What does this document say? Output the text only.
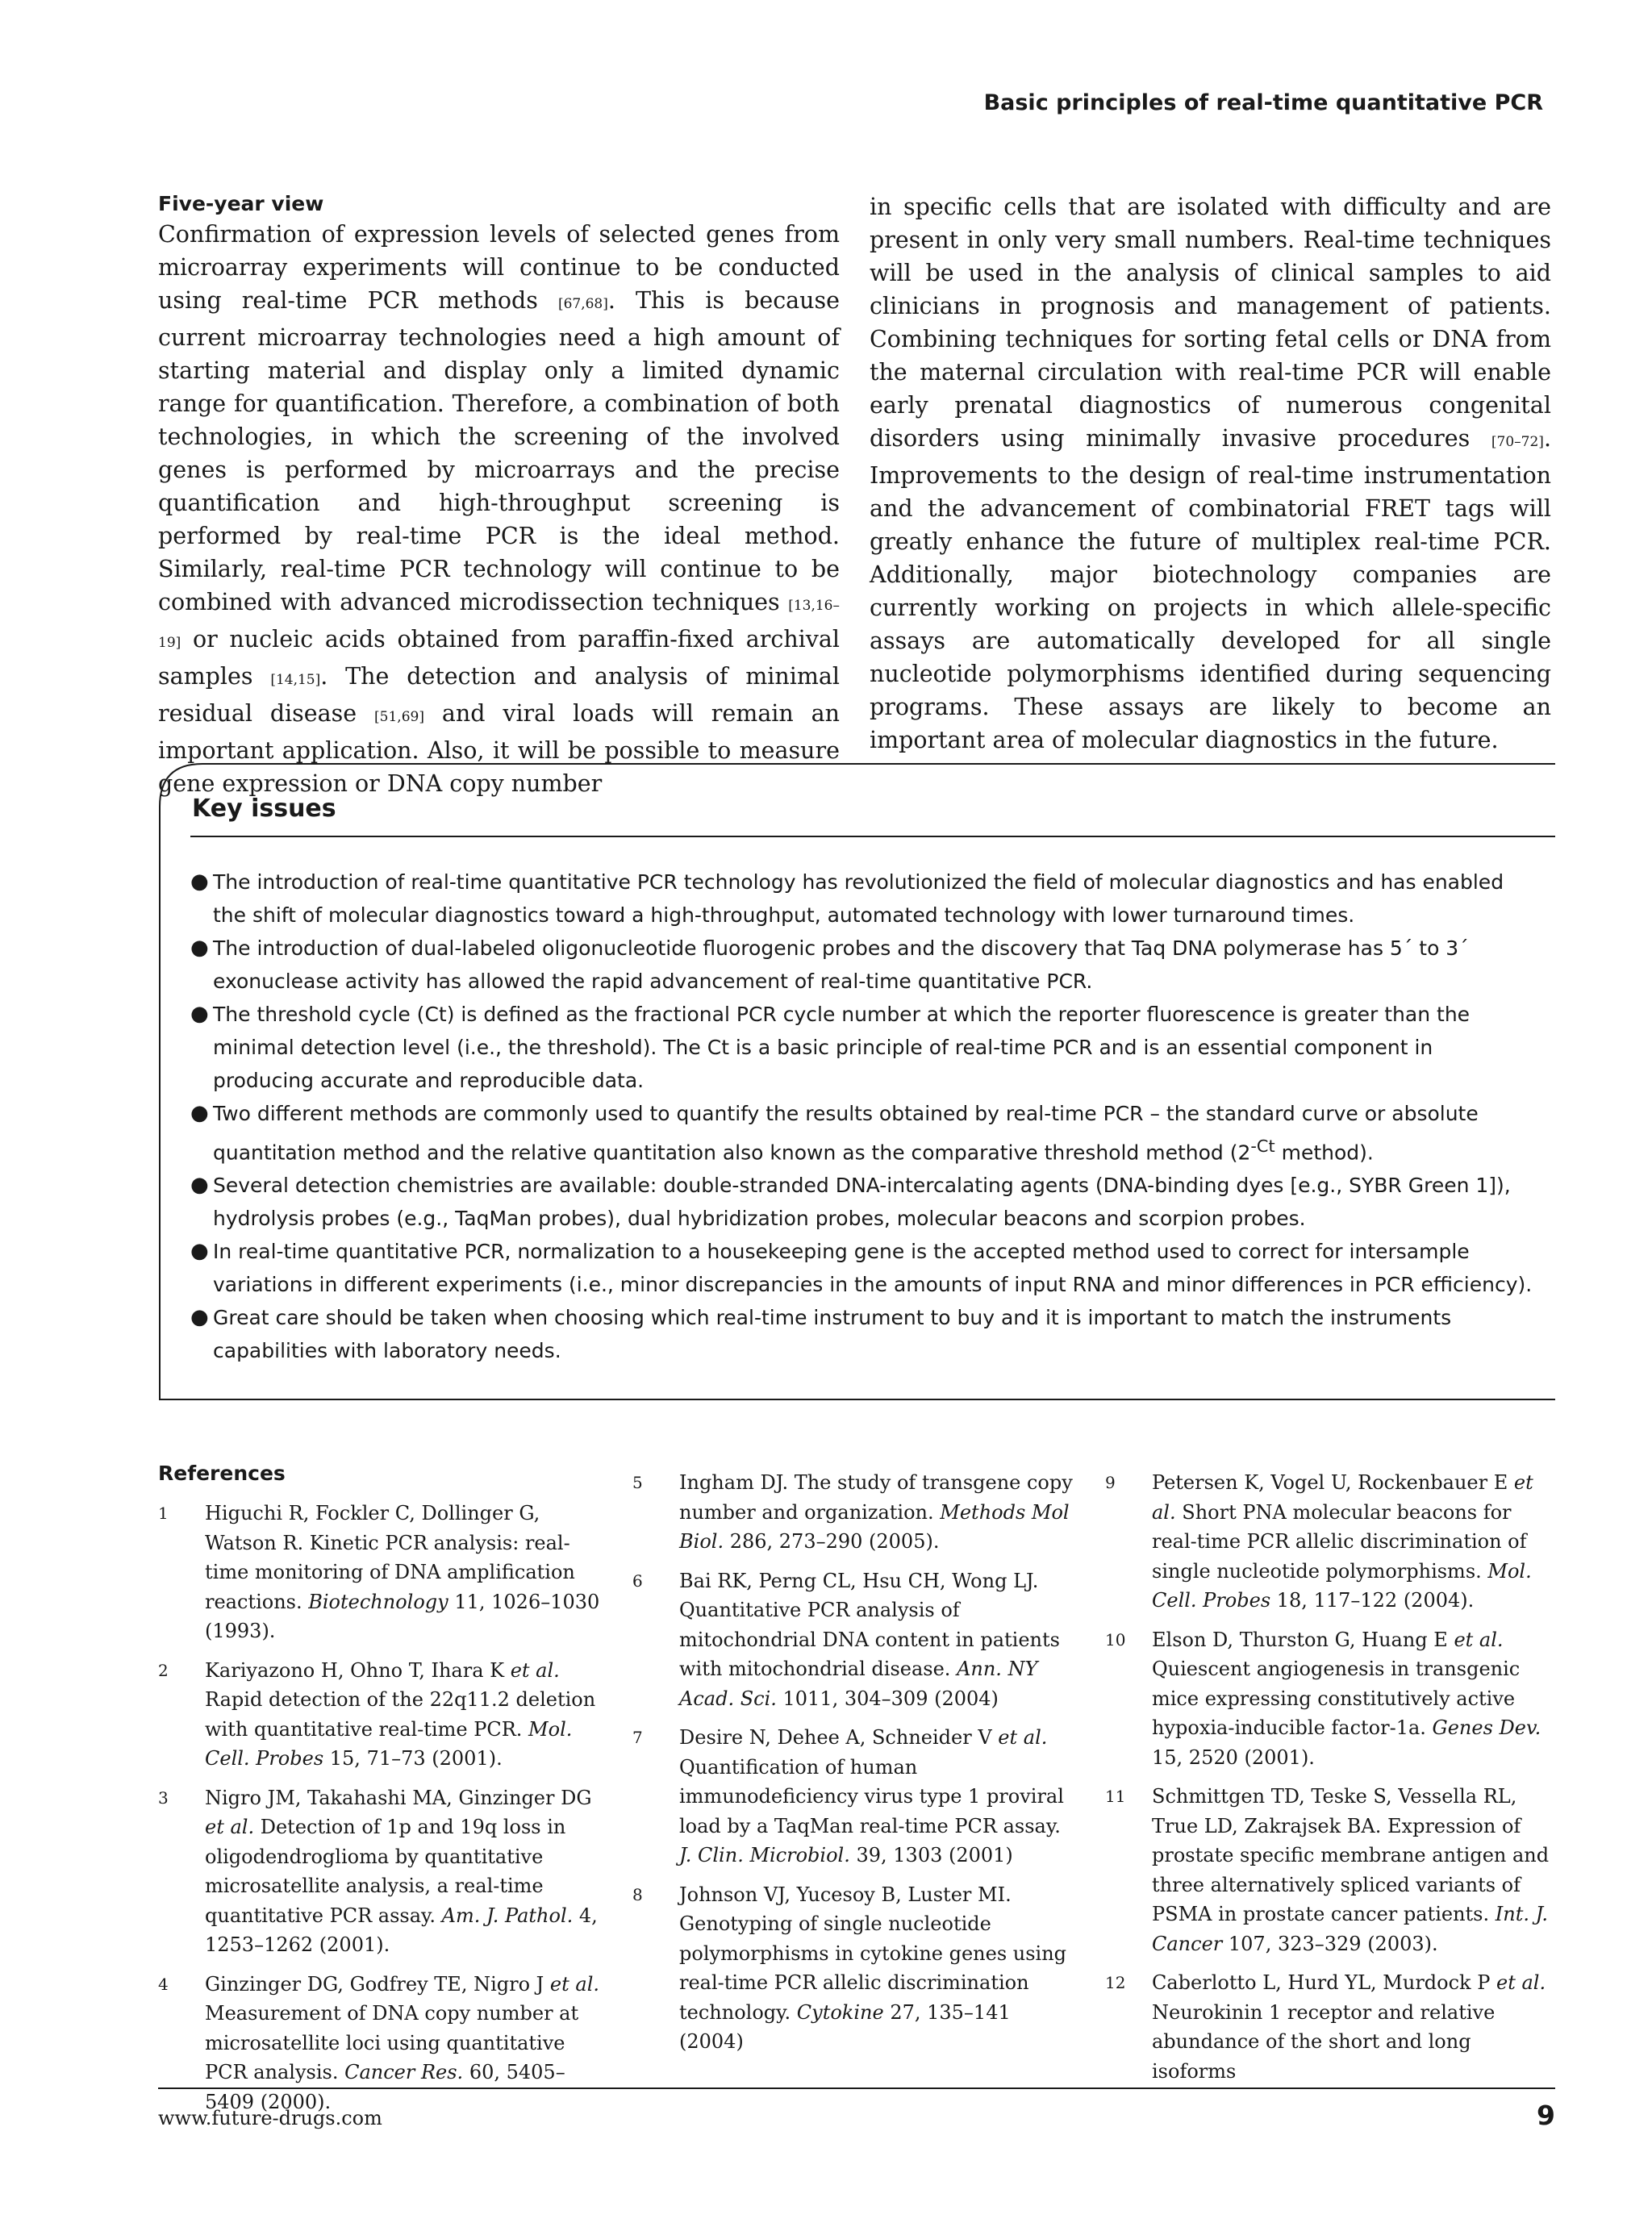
Basic principles of real-time quantitative PCR
Five-year view
Confirmation of expression levels of selected genes from microarray experiments will continue to be conducted using real-time PCR methods [67,68]. This is because current microarray technologies need a high amount of starting material and display only a limited dynamic range for quantification. Therefore, a combination of both technologies, in which the screening of the involved genes is performed by microarrays and the precise quantification and high-throughput screening is performed by real-time PCR is the ideal method. Similarly, real-time PCR technology will continue to be combined with advanced microdissection techniques [13,16–19] or nucleic acids obtained from paraffin-fixed archival samples [14,15]. The detection and analysis of minimal residual disease [51,69] and viral loads will remain an important application. Also, it will be possible to measure gene expression or DNA copy number
in specific cells that are isolated with difficulty and are present in only very small numbers. Real-time techniques will be used in the analysis of clinical samples to aid clinicians in prognosis and management of patients. Combining techniques for sorting fetal cells or DNA from the maternal circulation with real-time PCR will enable early prenatal diagnostics of numerous congenital disorders using minimally invasive procedures [70–72]. Improvements to the design of real-time instrumentation and the advancement of combinatorial FRET tags will greatly enhance the future of multiplex real-time PCR. Additionally, major biotechnology companies are currently working on projects in which allele-specific assays are automatically developed for all single nucleotide polymorphisms identified during sequencing programs. These assays are likely to become an important area of molecular diagnostics in the future.
Key issues
● The introduction of real-time quantitative PCR technology has revolutionized the field of molecular diagnostics and has enabled the shift of molecular diagnostics toward a high-throughput, automated technology with lower turnaround times.
● The introduction of dual-labeled oligonucleotide fluorogenic probes and the discovery that Taq DNA polymerase has 5´ to 3´ exonuclease activity has allowed the rapid advancement of real-time quantitative PCR.
● The threshold cycle (Ct) is defined as the fractional PCR cycle number at which the reporter fluorescence is greater than the minimal detection level (i.e., the threshold). The Ct is a basic principle of real-time PCR and is an essential component in producing accurate and reproducible data.
● Two different methods are commonly used to quantify the results obtained by real-time PCR – the standard curve or absolute quantitation method and the relative quantitation also known as the comparative threshold method ($2^{-Ct}$ method).
● Several detection chemistries are available: double-stranded DNA-intercalating agents (DNA-binding dyes [e.g., SYBR Green 1]), hydrolysis probes (e.g., TaqMan probes), dual hybridization probes, molecular beacons and scorpion probes.
● In real-time quantitative PCR, normalization to a housekeeping gene is the accepted method used to correct for intersample variations in different experiments (i.e., minor discrepancies in the amounts of input RNA and minor differences in PCR efficiency).
● Great care should be taken when choosing which real-time instrument to buy and it is important to match the instruments capabilities with laboratory needs.
References
1 Higuchi R, Fockler C, Dollinger G, Watson R. Kinetic PCR analysis: real-time monitoring of DNA amplification reactions. Biotechnology 11, 1026–1030 (1993).
2 Kariyazono H, Ohno T, Ihara K et al. Rapid detection of the 22q11.2 deletion with quantitative real-time PCR. Mol. Cell. Probes 15, 71–73 (2001).
3 Nigro JM, Takahashi MA, Ginzinger DG et al. Detection of 1p and 19q loss in oligodendroglioma by quantitative microsatellite analysis, a real-time quantitative PCR assay. Am. J. Pathol. 4, 1253–1262 (2001).
4 Ginzinger DG, Godfrey TE, Nigro J et al. Measurement of DNA copy number at microsatellite loci using quantitative PCR analysis. Cancer Res. 60, 5405–5409 (2000).
5 Ingham DJ. The study of transgene copy number and organization. Methods Mol Biol. 286, 273–290 (2005).
6 Bai RK, Perng CL, Hsu CH, Wong LJ. Quantitative PCR analysis of mitochondrial DNA content in patients with mitochondrial disease. Ann. NY Acad. Sci. 1011, 304–309 (2004)
7 Desire N, Dehee A, Schneider V et al. Quantification of human immunodeficiency virus type 1 proviral load by a TaqMan real-time PCR assay. J. Clin. Microbiol. 39, 1303 (2001)
8 Johnson VJ, Yucesoy B, Luster MI. Genotyping of single nucleotide polymorphisms in cytokine genes using real-time PCR allelic discrimination technology. Cytokine 27, 135–141 (2004)
9 Petersen K, Vogel U, Rockenbauer E et al. Short PNA molecular beacons for real-time PCR allelic discrimination of single nucleotide polymorphisms. Mol. Cell. Probes 18, 117–122 (2004).
10 Elson D, Thurston G, Huang E et al. Quiescent angiogenesis in transgenic mice expressing constitutively active hypoxia-inducible factor-1a. Genes Dev. 15, 2520 (2001).
11 Schmittgen TD, Teske S, Vessella RL, True LD, Zakrajsek BA. Expression of prostate specific membrane antigen and three alternatively spliced variants of PSMA in prostate cancer patients. Int. J. Cancer 107, 323–329 (2003).
12 Caberlotto L, Hurd YL, Murdock P et al. Neurokinin 1 receptor and relative abundance of the short and long isoforms
www.future-drugs.com	9
